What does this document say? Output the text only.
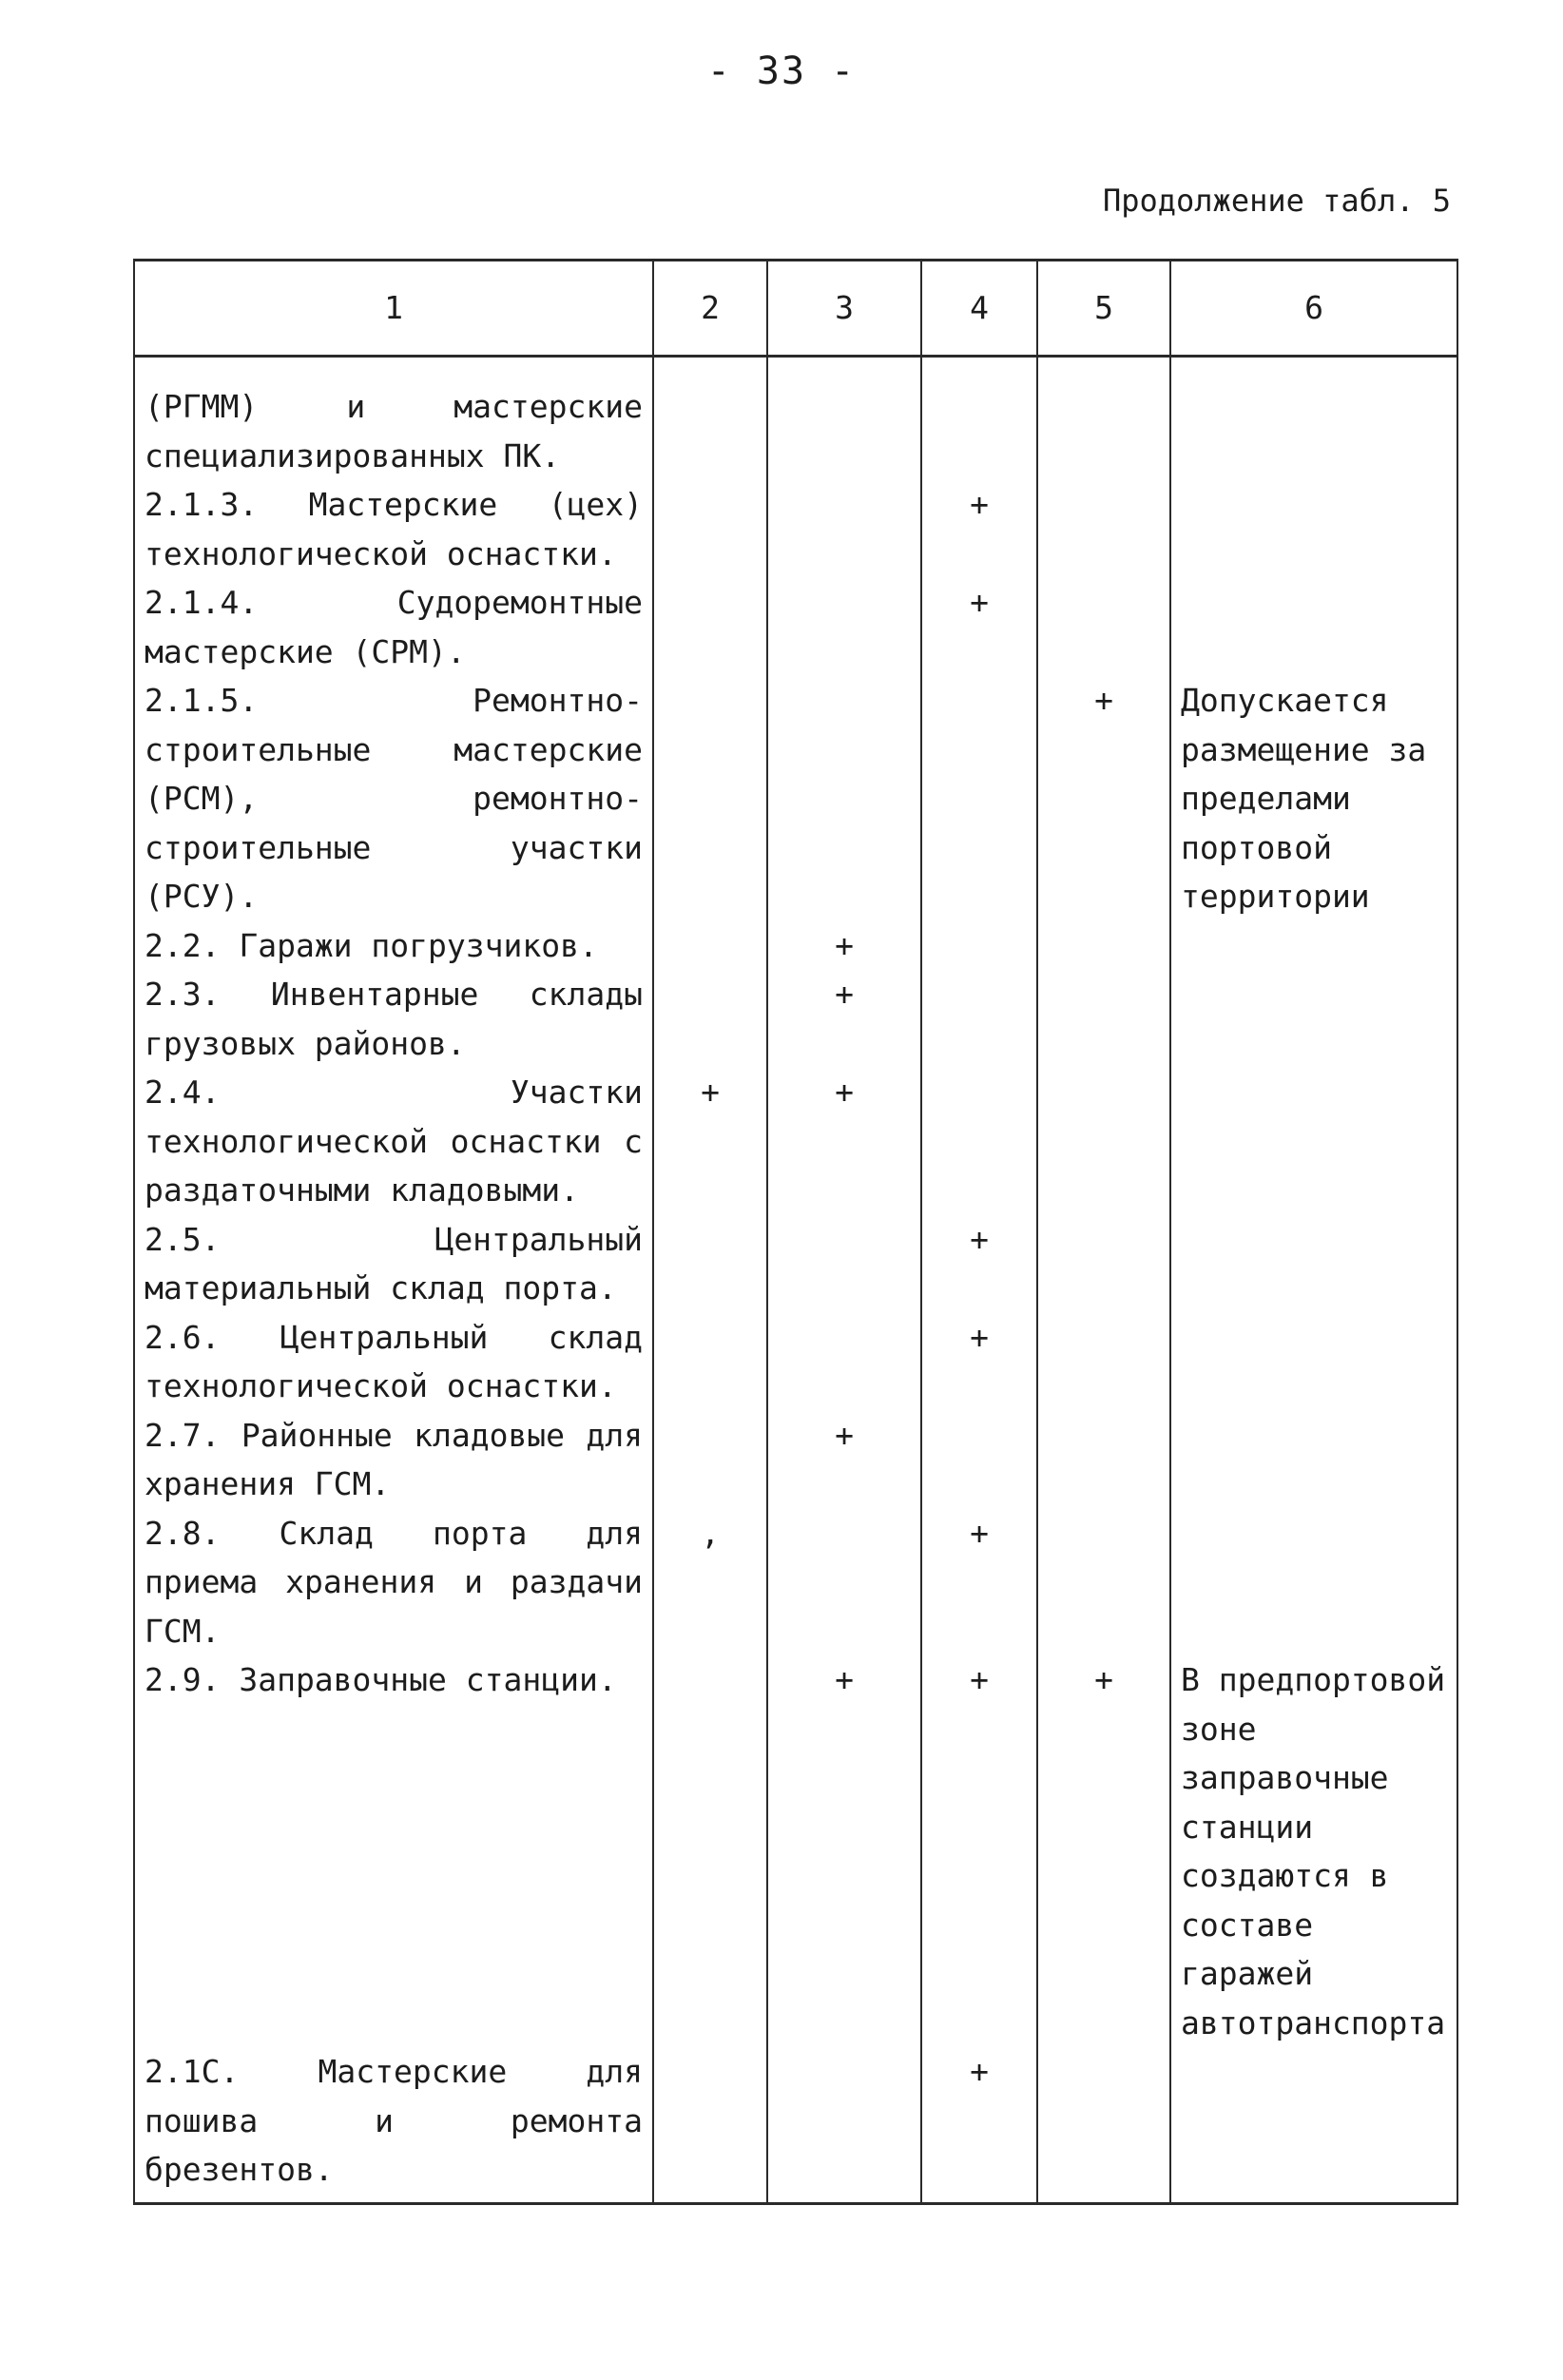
- 33 -
Продолжение табл. 5
1	2	3	4	5	6
(РГММ) и мастерские специализированных ПК.					
2.1.3. Мастерские (цех) технологической оснастки.			+		
2.1.4. Судоремонтные мастерские (СРМ).			+		
2.1.5. Ремонтно-строительные мастерские (РСМ), ремонтно-строительные участки (РСУ).				+	Допускается размещение за пределами портовой территории
2.2. Гаражи погрузчиков.		+			
2.3. Инвентарные склады грузовых районов.		+			
2.4. Участки технологической оснастки с раздаточными кладовыми.	+	+			
2.5. Центральный материальный склад порта.			+		
2.6. Центральный склад технологической оснастки.			+		
2.7. Районные кладовые для хранения ГСМ.		+			
2.8. Склад порта для приема хранения и раздачи ГСМ.	,		+		
2.9. Заправочные станции.		+	+	+	В предпортовой зоне заправочные станции создаются в составе гаражей автотранспорта
2.1С. Мастерские для пошива и ремонта брезентов.			+		
